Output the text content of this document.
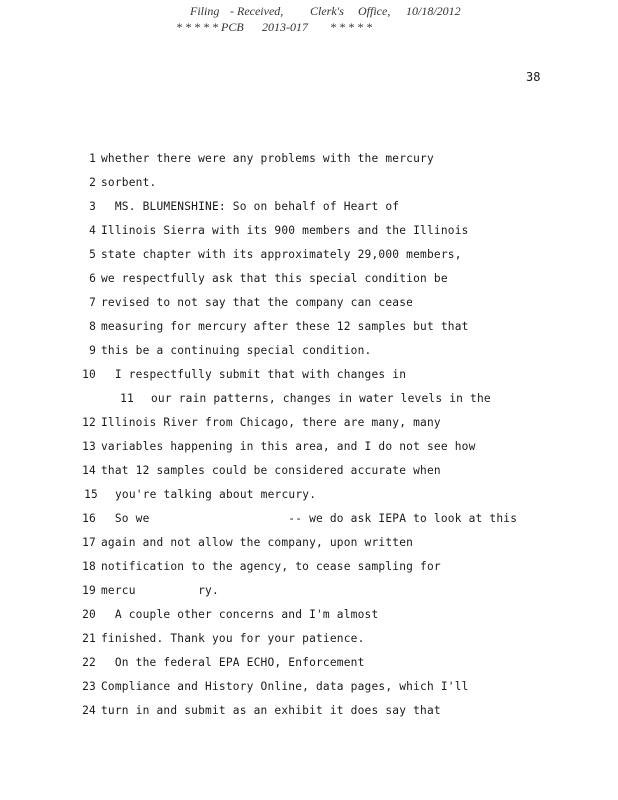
Filing - Received, Clerk's Office, 10/18/2012
* * * * * PCB 2013-017 * * * * *
38
1 whether there were any problems with the mercury
2 sorbent.
3 MS. BLUMENSHINE: So on behalf of Heart of
4 Illinois Sierra with its 900 members and the Illinois
5 state chapter with its approximately 29,000 members,
6 we respectfully ask that this special condition be
7 revised to not say that the company can cease
8 measuring for mercury after these 12 samples but that
9 this be a continuing special condition.
10 I respectfully submit that with changes in
11 our rain patterns, changes in water levels in the
12 Illinois River from Chicago, there are many, many
13 variables happening in this area, and I do not see how
14 that 12 samples could be considered accurate when
15 you're talking about mercury.
16 So we                    -- we do ask IEPA to look at this
17 again and not allow the company, upon written
18 notification to the agency, to cease sampling for
19 mercu         ry.
20 A couple other concerns and I'm almost
21 finished. Thank you for your patience.
22 On the federal EPA ECHO, Enforcement
23 Compliance and History Online, data pages, which I'll
24 turn in and submit as an exhibit it does say that
